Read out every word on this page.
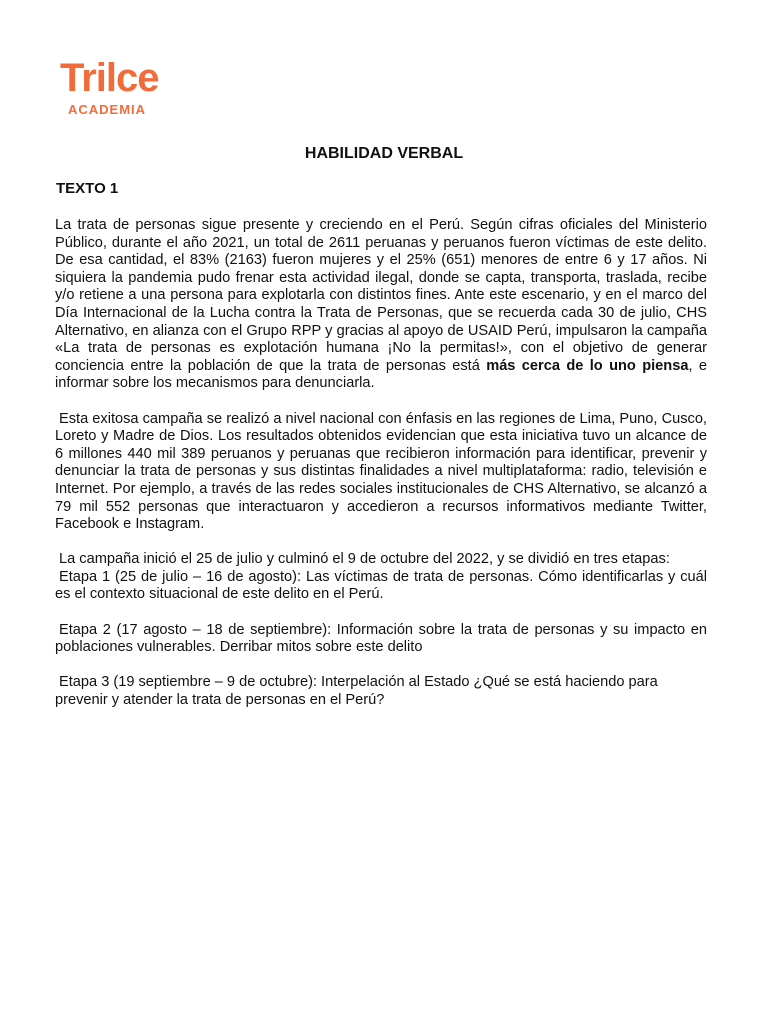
Trilce
ACADEMIA
HABILIDAD VERBAL
TEXTO 1

La trata de personas sigue presente y creciendo en el Perú. Según cifras oficiales del Ministerio Público, durante el año 2021, un total de 2611 peruanas y peruanos fueron víctimas de este delito. De esa cantidad, el 83% (2163) fueron mujeres y el 25% (651) menores de entre 6 y 17 años. Ni siquiera la pandemia pudo frenar esta actividad ilegal, donde se capta, transporta, traslada, recibe y/o retiene a una persona para explotarla con distintos fines. Ante este escenario, y en el marco del Día Internacional de la Lucha contra la Trata de Personas, que se recuerda cada 30 de julio, CHS Alternativo, en alianza con el Grupo RPP y gracias al apoyo de USAID Perú, impulsaron la campaña «La trata de personas es explotación humana ¡No la permitas!», con el objetivo de generar conciencia entre la población de que la trata de personas está más cerca de lo uno piensa, e informar sobre los mecanismos para denunciarla.

Esta exitosa campaña se realizó a nivel nacional con énfasis en las regiones de Lima, Puno, Cusco, Loreto y Madre de Dios. Los resultados obtenidos evidencian que esta iniciativa tuvo un alcance de 6 millones 440 mil 389 peruanos y peruanas que recibieron información para identificar, prevenir y denunciar la trata de personas y sus distintas finalidades a nivel multiplataforma: radio, televisión e Internet. Por ejemplo, a través de las redes sociales institucionales de CHS Alternativo, se alcanzó a 79 mil 552 personas que interactuaron y accedieron a recursos informativos mediante Twitter, Facebook e Instagram.

La campaña inició el 25 de julio y culminó el 9 de octubre del 2022, y se dividió en tres etapas:

Etapa 1 (25 de julio – 16 de agosto): Las víctimas de trata de personas. Cómo identificarlas y cuál es el contexto situacional de este delito en el Perú.

Etapa 2 (17 agosto – 18 de septiembre): Información sobre la trata de personas y su impacto en poblaciones vulnerables. Derribar mitos sobre este delito

Etapa 3 (19 septiembre – 9 de octubre): Interpelación al Estado ¿Qué se está haciendo para prevenir y atender la trata de personas en el Perú?
